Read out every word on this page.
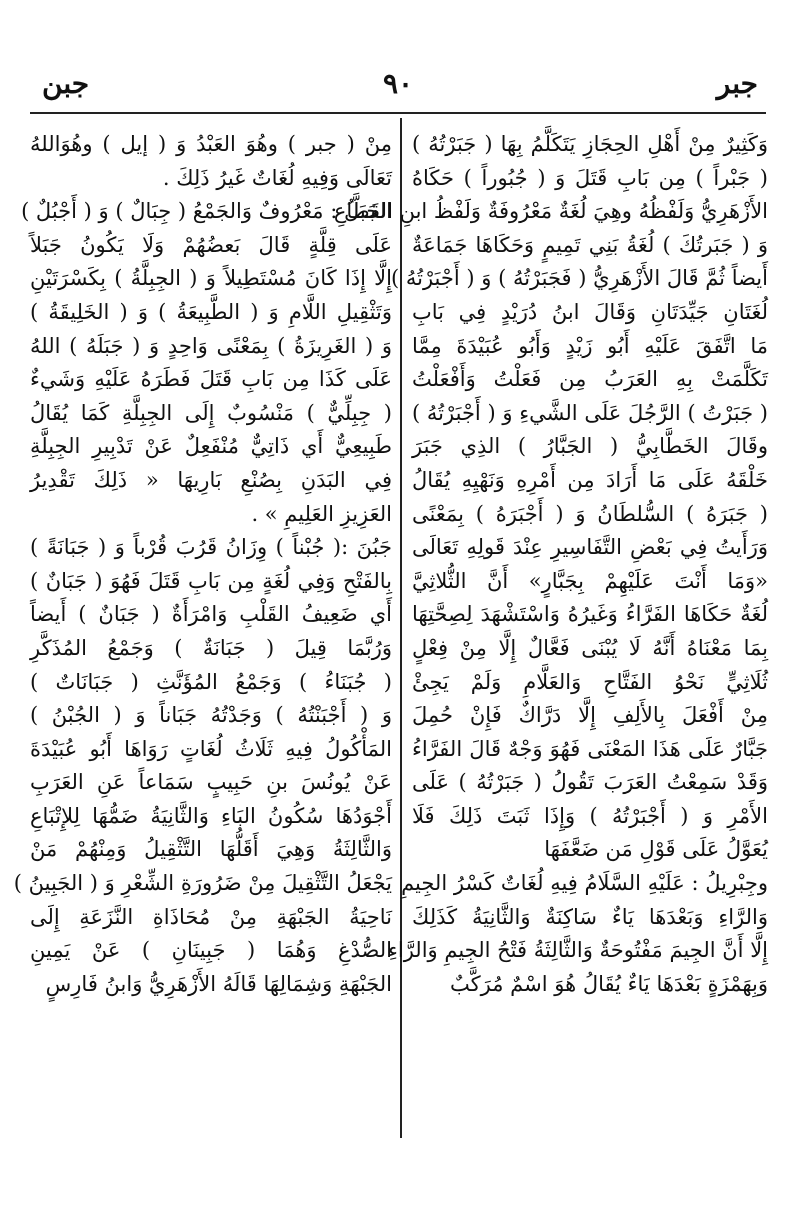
جبر
٩٠
جبن
وَكَثِيرٌ مِنْ أَهْلِ الحِجَازِ يَتَكَلَّمُ بِهَا ( جَبَرْتُهُ )
( جَبْراً ) مِن بَابِ قَتَلَ وَ ( جُبُوراً ) حَكَاهُ
الأَزْهَرِيُّ وَلَفْظُهُ وهِيَ لُغَةٌ مَعْرُوفَةٌ وَلَفْظُ ابنِ القَطَّاعِ
وَ ( جَبَرتُكَ ) لُغَةُ بَنِي تَمِيمٍ وَحَكَاهَا جَمَاعَةٌ
أَيضاً ثُمَّ قَالَ الأَزْهَرِيُّ ( فَجَبَرْتُهُ ) وَ ( أَجْبَرْتُهُ )
لُغَتَانِ جَيِّدَتَانِ وَقَالَ ابنُ دُرَيْدٍ فِي بَابِ
مَا اتَّفَقَ عَلَيْهِ أَبُو زَيْدٍ وَأَبُو عُبَيْدَةَ مِمَّا
تَكَلَّمَتْ بِهِ العَرَبُ مِن فَعَلْتُ وَأَفْعَلْتُ
( جَبَرْتُ ) الرَّجُلَ عَلَى الشَّيءِ وَ ( أَجْبَرْتُهُ )
وقَالَ الخَطَّابِيُّ ( الجَبَّارُ ) الذِي جَبَرَ
خَلْقَهُ عَلَى مَا أَرَادَ مِن أَمْرِهِ وَنَهْيِهِ يُقَالُ
( جَبَرَهُ ) السُّلطَانُ وَ ( أَجْبَرَهُ ) بِمَعْنًى
وَرَأَيتُ فِي بَعْضِ التَّفَاسِيرِ عِنْدَ قَولِهِ تَعَالَى
«وَمَا أَنْتَ عَلَيْهِمْ بِجَبَّارٍ» أَنَّ الثُّلاثِيَّ
لُغَةٌ حَكَاهَا الفَرَّاءُ وَغَيرُهُ وَاسْتَشْهَدَ لِصِحَّتِهَا
بِمَا مَعْنَاهُ أَنَّهُ لَا يُبْنَى فَعَّالٌ إِلَّا مِنْ فِعْلٍ
ثُلَاثِيٍّ نَحْوُ الفَتَّاحِ وَالعَلَّامِ وَلَمْ يَجِئْ
مِنْ أَفْعَلَ بِالأَلِفِ إِلَّا دَرَّاكٌ فَإِنْ حُمِلَ
جَبَّارٌ عَلَى هَذَا المَعْنَى فَهُوَ وَجْهٌ قَالَ الفَرَّاءُ
وَقَدْ سَمِعْتُ العَرَبَ تَقُولُ ( جَبَرْتُهُ ) عَلَى
الأَمْرِ وَ ( أَجْبَرْتُهُ ) وَإِذَا ثَبَتَ ذَلِكَ فَلَا
يُعَوَّلُ عَلَى قَوْلِ مَن ضَعَّفَهَا
وجِبْرِيلُ : عَلَيْهِ السَّلَامُ فِيهِ لُغَاتٌ كَسْرُ الجِيمِ
وَالرَّاءِ وَبَعْدَهَا يَاءٌ سَاكِنَةٌ وَالثَّانِيَةُ كَذَلِكَ
إِلَّا أَنَّ الجِيمَ مَفْتُوحَةٌ وَالثَّالِثَةُ فَتْحُ الجِيمِ وَالرَّاءِ
وَبِهَمْزَةٍ بَعْدَهَا يَاءٌ يُقَالُ هُوَ اسْمٌ مُرَكَّبٌ
مِنْ ( جبر ) وهُوَ العَبْدُ وَ ( إيل ) وهُوَاللهُ
تَعَالَى وَفِيهِ لُغَاتٌ غَيرُ ذَلِكَ .
الجَبَلُ : مَعْرُوفٌ وَالجَمْعُ ( جِبَالٌ ) وَ ( أَجْبُلٌ )
عَلَى قِلَّةٍ قَالَ بَعضُهُمْ وَلَا يَكُونُ جَبَلاً
إِلَّا إِذَا كَانَ مُسْتَطِيلاً وَ ( الجِبِلَّةُ ) بِكَسْرَتَيْنِ
وَتَثْقِيلِ اللَّامِ وَ ( الطَّبِيعَةُ ) وَ ( الخَلِيقَةُ )
وَ ( الغَرِيزَةُ ) بِمَعْنًى وَاحِدٍ وَ ( جَبَلَهُ ) اللهُ
عَلَى كَذَا مِن بَابِ قَتَلَ فَطَرَهُ عَلَيْهِ وَشَيءٌ
( جِبِلِّيٌّ ) مَنْسُوبٌ إِلَى الجِبِلَّةِ كَمَا يُقَالُ
طَبِيعِيٌّ أَي ذَاتِيٌّ مُنْفَعِلٌ عَنْ تَدْبِيرِ الجِبِلَّةِ
فِي البَدَنِ بِصُنْعِ بَارِيهَا « ذَلِكَ تَقْدِيرُ
العَزِيزِ العَلِيمِ » .
جَبُنَ :( جُبْناً ) وِزَانُ قَرُبَ قُرْباً وَ ( جَبَانَةً )
بِالفَتْحِ وَفِي لُغَةٍ مِن بَابِ قَتَلَ فَهُوَ ( جَبَانٌ )
أَي ضَعِيفُ القَلْبِ وَامْرَأَةٌ ( جَبَانٌ ) أَيضاً
وَرُبَّمَا قِيلَ ( جَبَانَةٌ ) وَجَمْعُ المُذَكَّرِ
( جُبَنَاءُ ) وَجَمْعُ المُؤَنَّثِ ( جَبَانَاتٌ )
وَ ( أَجْبَنْتُهُ ) وَجَدْتُهُ جَبَاناً وَ ( الجُبْنُ )
المَأْكُولُ فِيهِ ثَلَاثُ لُغَاتٍ رَوَاهَا أَبُو عُبَيْدَةَ
عَنْ يُونُسَ بنِ حَبِيبٍ سَمَاعاً عَنِ العَرَبِ
أَجْوَدُهَا سُكُونُ البَاءِ وَالثَّانِيَةُ ضَمُّهَا لِلإِتْبَاعِ
وَالثَّالِثَةُ وَهِيَ أَقَلُّهَا التَّثْقِيلُ وَمِنْهُمْ مَنْ
يَجْعَلُ التَّثْقِيلَ مِنْ ضَرُورَةِ الشِّعْرِ وَ ( الجَبِينُ )
نَاحِيَةُ الجَبْهَةِ مِنْ مُحَاذَاةِ النَّزَعَةِ إِلَى
الصُّدْغِ وَهُمَا ( جَبِينَانِ ) عَنْ يَمِينِ
الجَبْهَةِ وَشِمَالِهَا قَالَهُ الأَزْهَرِيُّ وَابنُ فَارِسٍ
